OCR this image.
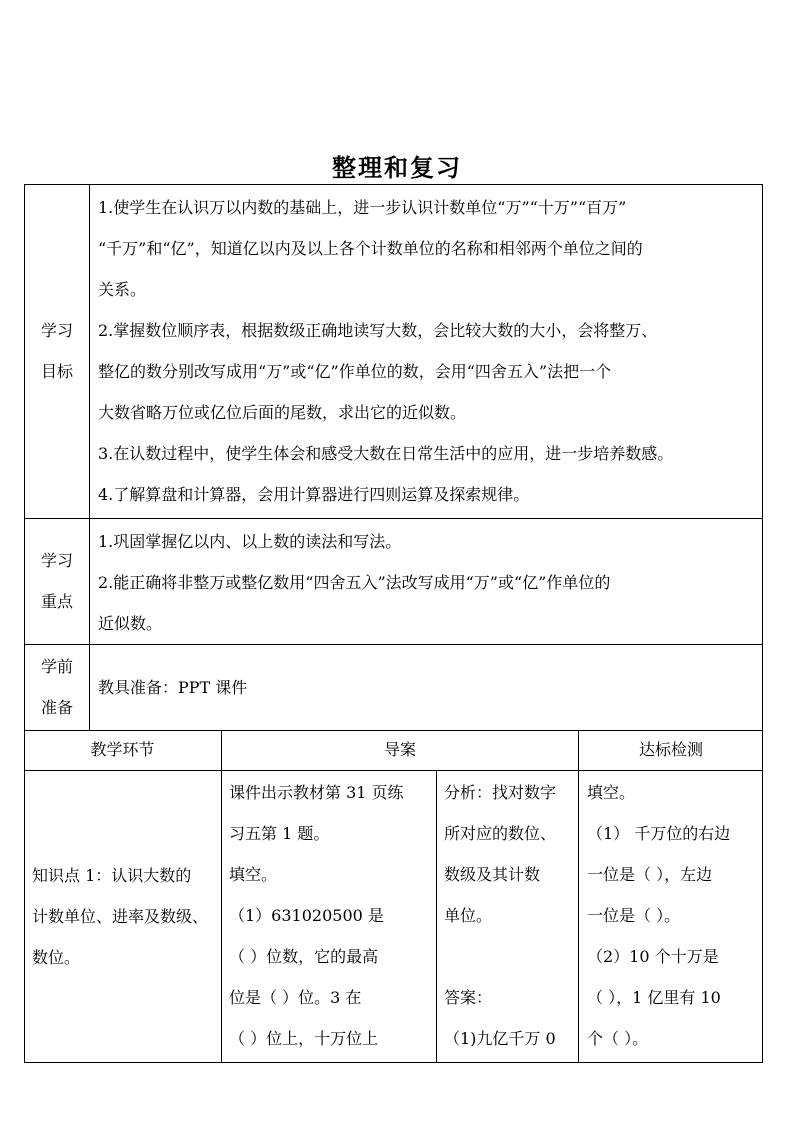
整理和复习
学习
目标

1.使学生在认识万以内数的基础上，进一步认识计数单位“万”“十万”“百万”

“千万”和“亿”，知道亿以内及以上各个计数单位的名称和相邻两个单位之间的

关系。

2.掌握数位顺序表，根据数级正确地读写大数，会比较大数的大小，会将整万、

整亿的数分别改写成用“万”或“亿”作单位的数，会用“四舍五入”法把一个

大数省略万位或亿位后面的尾数，求出它的近似数。

3.在认数过程中，使学生体会和感受大数在日常生活中的应用，进一步培养数感。

4.了解算盘和计算器，会用计算器进行四则运算及探索规律。

学习
重点

1.巩固掌握亿以内、以上数的读法和写法。

2.能正确将非整万或整亿数用“四舍五入”法改写成用“万”或“亿”作单位的

近似数。

学前
准备

教具准备：PPT 课件

教学环节	导案	达标检测

知识点 1：认识大数的

计数单位、进率及数级、

数位。

课件出示教材第 31 页练

习五第 1 题。

填空。

（1）631020500 是

（ ）位数，它的最高

位是（ ）位。3 在

（ ）位上，十万位上

分析：找对数字

所对应的数位、

数级及其计数

单位。

答案：

（1)九亿千万 0

填空。

（1） 千万位的右边

一位是（ ），左边

一位是（ ）。

（2）10 个十万是

（ ），1 亿里有 10

个（ ）。
